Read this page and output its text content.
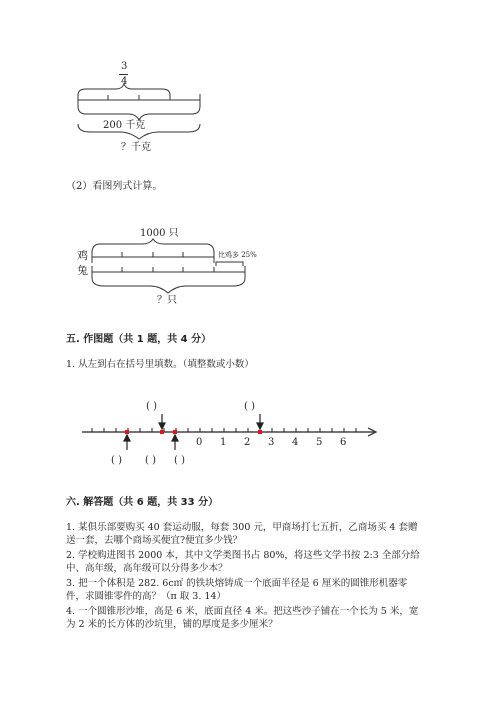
3
4
200 千克
？千克
（2）看图列式计算。
1000 只
鸡
兔
比鸡多 25%
？只
五. 作图题（共 1 题，共 4 分）
1. 从左到右在括号里填数。（填整数或小数）
0 1 2 3 4 5 6
( )	( )
( ) ( ) ( )
六. 解答题（共 6 题，共 33 分）
1. 某俱乐部要购买 40 套运动服，每套 300 元，甲商场打七五折，乙商场买 4 套赠送一套，去哪个商场买便宜?便宜多少钱？
2. 学校购进图书 2000 本，其中文学类图书占 80%，将这些文学书按 2:3 全部分给中、高年级，高年级可以分得多少本？
3. 把一个体积是 282. 6c㎡ 的铁块熔铸成一个底面半径是 6 厘米的圆锥形机器零件，求圆锥零件的高？（π 取 3. 14）
4. 一个圆锥形沙堆，高是 6 米，底面直径 4 米。把这些沙子铺在一个长为 5 米，宽为 2 米的长方体的沙坑里，铺的厚度是多少厘米？
